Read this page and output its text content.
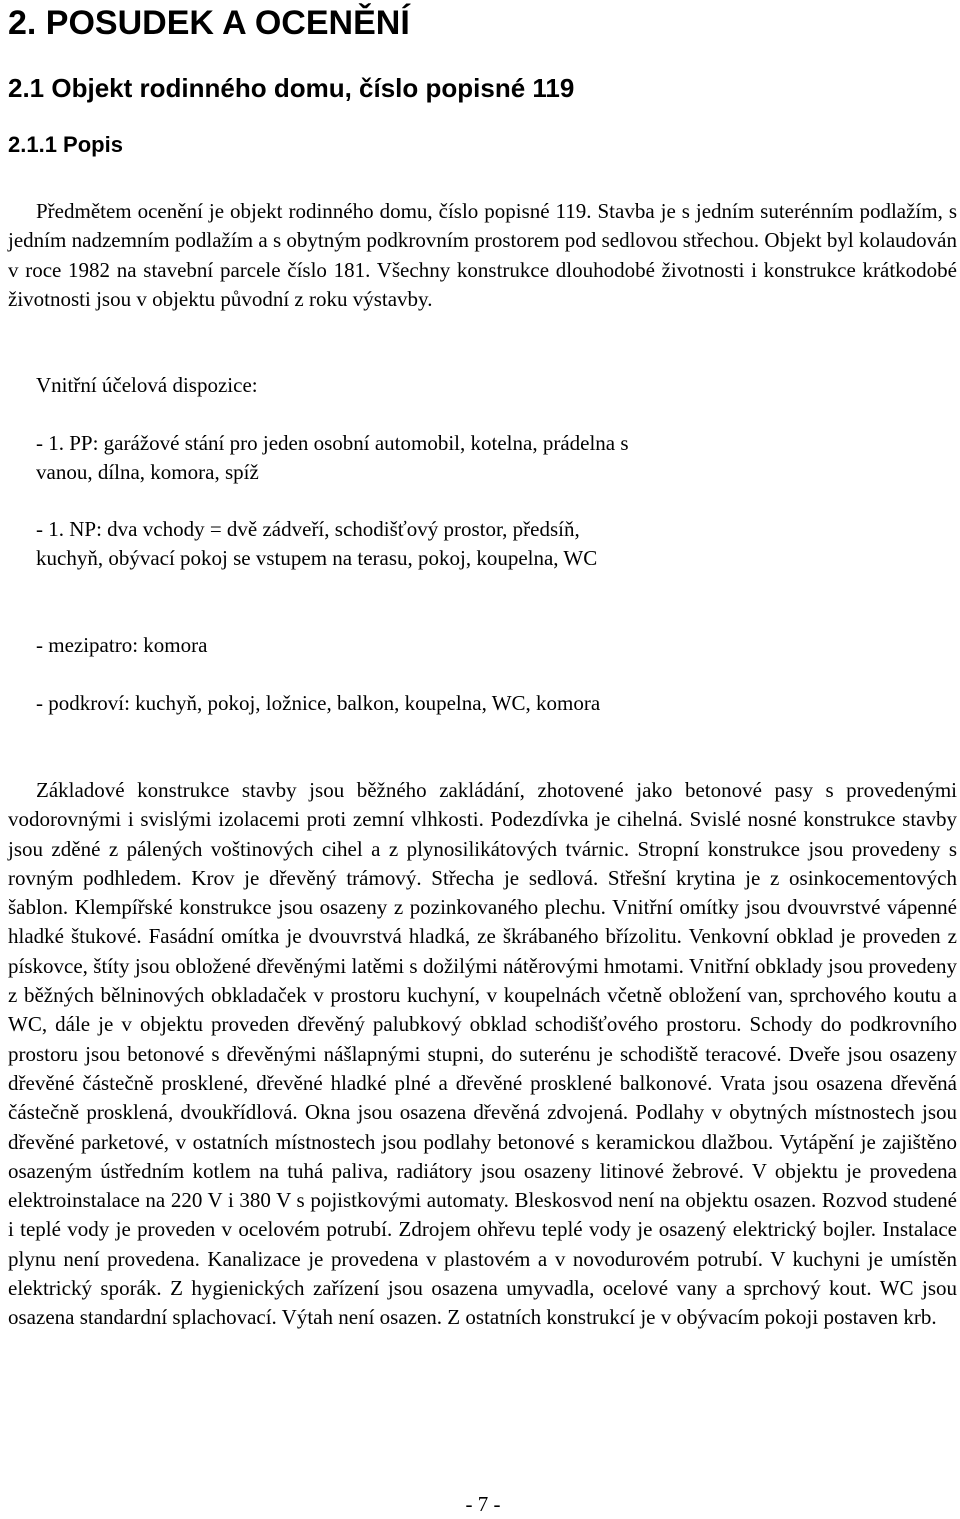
2. POSUDEK A OCENĚNÍ
2.1 Objekt rodinného domu, číslo popisné 119
2.1.1 Popis

Předmětem ocenění je objekt rodinného domu, číslo popisné 119. Stavba je s jedním suterénním podlažím, s jedním nadzemním podlažím a s obytným podkrovním prostorem pod sedlovou střechou. Objekt byl kolaudován v roce 1982 na stavební parcele číslo 181. Všechny konstrukce dlouhodobé životnosti i konstrukce krátkodobé životnosti jsou v objektu původní z roku výstavby.

Vnitřní účelová dispozice:

- 1. PP: garážové stání pro jeden osobní automobil, kotelna, prádelna s vanou, dílna, komora, spíž

- 1. NP: dva vchody = dvě zádveří, schodišťový prostor, předsíň, kuchyň, obývací pokoj se vstupem na terasu, pokoj, koupelna, WC

- mezipatro: komora

- podkroví: kuchyň, pokoj, ložnice, balkon, koupelna, WC, komora

Základové konstrukce stavby jsou běžného zakládání, zhotovené jako betonové pasy s provedenými vodorovnými i svislými izolacemi proti zemní vlhkosti. Podezdívka je cihelná. Svislé nosné konstrukce stavby jsou zděné z pálených voštinových cihel a z plynosilikátových tvárnic. Stropní konstrukce jsou provedeny s rovným podhledem. Krov je dřevěný trámový. Střecha je sedlová. Střešní krytina je z osinkocementových šablon. Klempířské konstrukce jsou osazeny z pozinkovaného plechu. Vnitřní omítky jsou dvouvrstvé vápenné hladké štukové. Fasádní omítka je dvouvrstvá hladká, ze škrábaného břízolitu. Venkovní obklad je proveden z pískovce, štíty jsou obložené dřevěnými latěmi s dožilými nátěrovými hmotami. Vnitřní obklady jsou provedeny z běžných bělninových obkladaček v prostoru kuchyní, v koupelnách včetně obložení van, sprchového koutu a WC, dále je v objektu proveden dřevěný palubkový obklad schodišťového prostoru. Schody do podkrovního prostoru jsou betonové s dřevěnými nášlapnými stupni, do suterénu je schodiště teracové. Dveře jsou osazeny dřevěné částečně prosklené, dřevěné hladké plné a dřevěné prosklené balkonové. Vrata jsou osazena dřevěná částečně prosklená, dvoukřídlová. Okna jsou osazena dřevěná zdvojená. Podlahy v obytných místnostech jsou dřevěné parketové, v ostatních místnostech jsou podlahy betonové s keramickou dlažbou. Vytápění je zajištěno osazeným ústředním kotlem na tuhá paliva, radiátory jsou osazeny litinové žebrové. V objektu je provedena elektroinstalace na 220 V i 380 V s pojistkovými automaty. Bleskosvod není na objektu osazen. Rozvod studené i teplé vody je proveden v ocelovém potrubí. Zdrojem ohřevu teplé vody je osazený elektrický bojler. Instalace plynu není provedena. Kanalizace je provedena v plastovém a v novodurovém potrubí. V kuchyni je umístěn elektrický sporák. Z hygienických zařízení jsou osazena umyvadla, ocelové vany a sprchový kout. WC jsou osazena standardní splachovací. Výtah není osazen. Z ostatních konstrukcí je v obývacím pokoji postaven krb.

- 7 -
